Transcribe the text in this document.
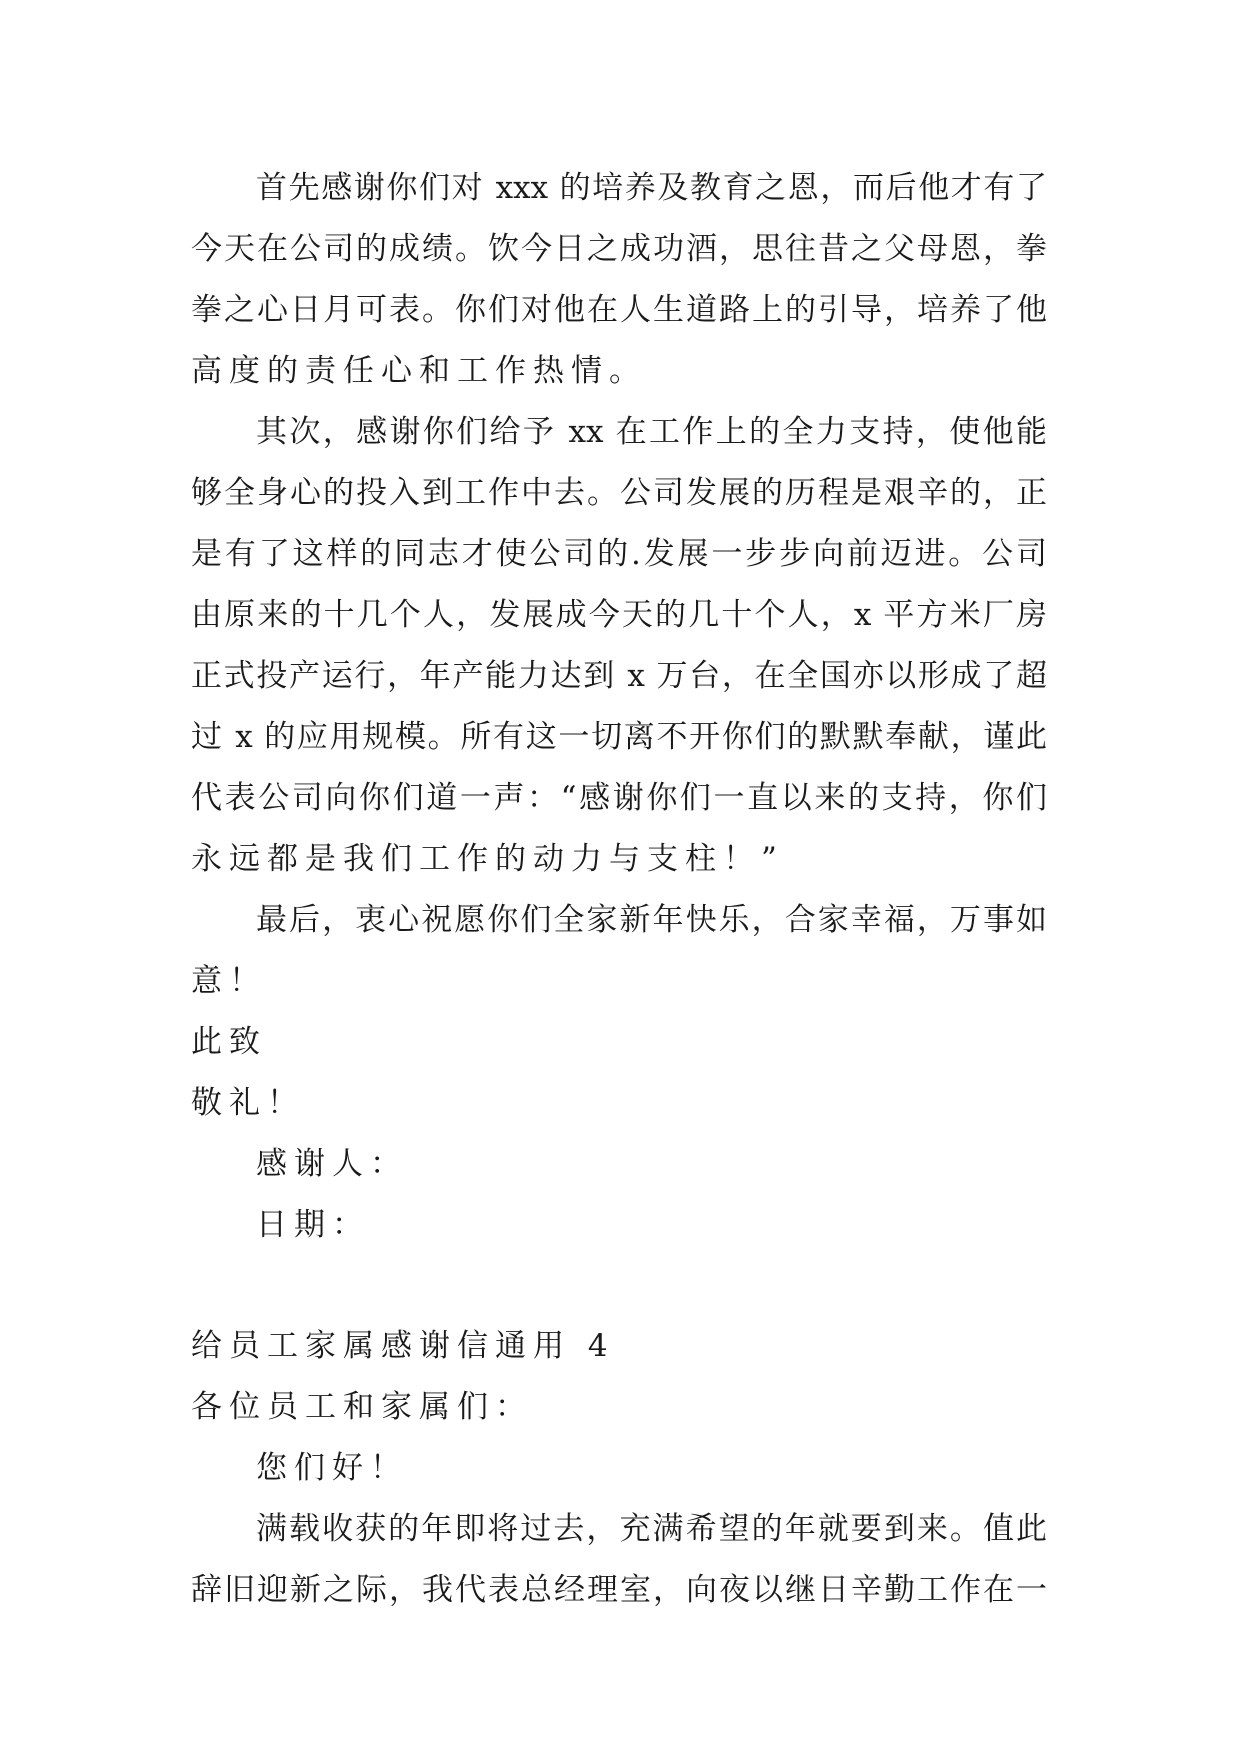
首先感谢你们对 xxx 的培养及教育之恩，而后他才有了
今天在公司的成绩。饮今日之成功酒，思往昔之父母恩，拳
拳之心日月可表。你们对他在人生道路上的引导，培养了他
高度的责任心和工作热情。
其次，感谢你们给予 xx 在工作上的全力支持，使他能
够全身心的投入到工作中去。公司发展的历程是艰辛的，正
是有了这样的同志才使公司的.发展一步步向前迈进。公司
由原来的十几个人，发展成今天的几十个人，x 平方米厂房
正式投产运行，年产能力达到 x 万台，在全国亦以形成了超
过 x 的应用规模。所有这一切离不开你们的默默奉献，谨此
代表公司向你们道一声：“感谢你们一直以来的支持，你们
永远都是我们工作的动力与支柱！”
最后，衷心祝愿你们全家新年快乐，合家幸福，万事如
意！
此致
敬礼！
感谢人：
日期：
给员工家属感谢信通用 4
各位员工和家属们：
您们好！
满载收获的年即将过去，充满希望的年就要到来。值此
辞旧迎新之际，我代表总经理室，向夜以继日辛勤工作在一
